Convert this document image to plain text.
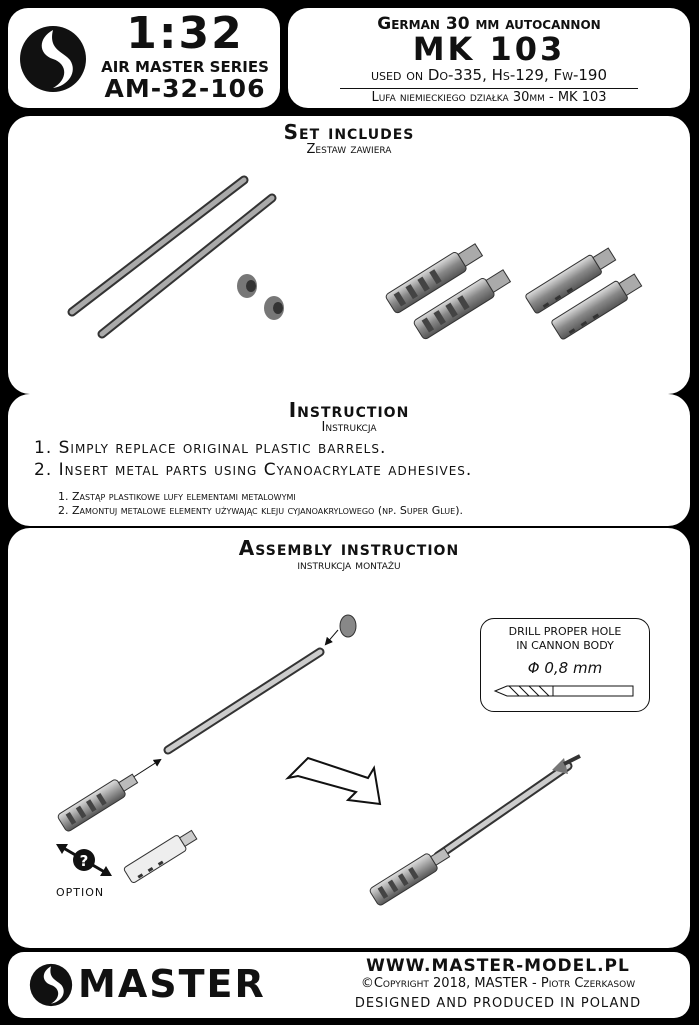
1:32
AIR MASTER SERIES
AM-32-106
German 30 mm autocannon
MK 103
used on Do-335, Hs-129, Fw-190
Lufa niemieckiego działka 30mm - MK 103
Set includes
Zestaw zawiera
Instruction
Instrukcja
1. Simply replace original plastic barrels.
2. Insert metal parts using Cyanoacrylate adhesives.
1. Zastąp plastikowe lufy elementami metalowymi
2. Zamontuj metalowe elementy używając kleju cyjanoakrylowego (np. Super Glue).
Assembly instruction
instrukcja montażu
DRILL PROPER HOLE
IN CANNON BODY
Φ 0,8 mm
?
OPTION
MASTER	WWW.MASTER-MODEL.PL
©Copyright 2018, MASTER - Piotr Czerkasow
DESIGNED AND PRODUCED IN POLAND
